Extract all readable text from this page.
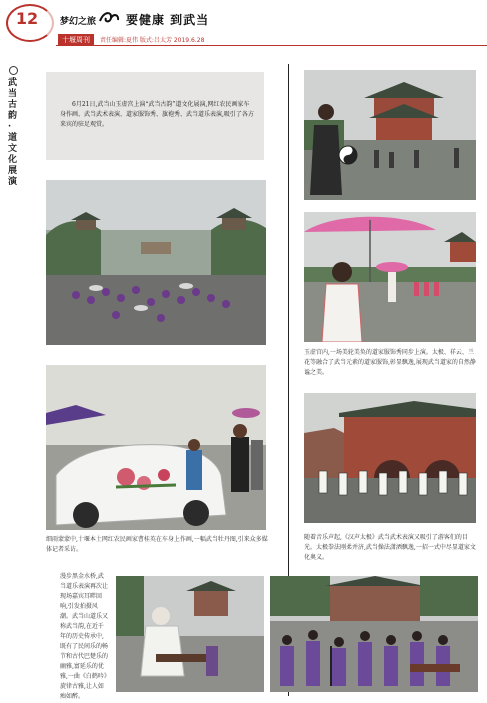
12	梦幻之旅 要健康 到武当
十堰周刊	责任编辑:夏伟 版式:吕太芳 2019.6.28
武当古韵·道文化展演
6月21日,武当山玉虚宫上演“武当古韵”道文化展演,网红农民画家车身作画、武当武术表演、道家服饰秀、旗袍秀、武当道乐表演,吸引了各方来宾的驻足观赏。
细雨蒙蒙中,十堰本土网红农民画家曹桂英在车身上作画,一幅武当牡丹图,引来众多媒体记者采访。
漫步黑金水桥,武当道乐表演再次让现场嘉宾耳畔回响,引发拍摄风潮。武当山道乐又称武当韵,在近千年的历史传承中,既有了民间乐的畅节和古代巴楚乐的幽雅,富延乐的优雅,一曲《白鹤吟》旋律古雅,让人如痴如醉。
玉虚宫内,一场美轮美奂的道家服饰秀同步上演。太极、祥云、兰花等融合了武当元素的道家服饰,彰显飘逸,展现武当道家的自然静谧之美。
随着音乐声起,《汉声太极》武当武术表演又吸引了游客们的目光。太极拳法刚柔并济,武当操法潇洒飘逸,一招一式中尽显道家文化奥义。
